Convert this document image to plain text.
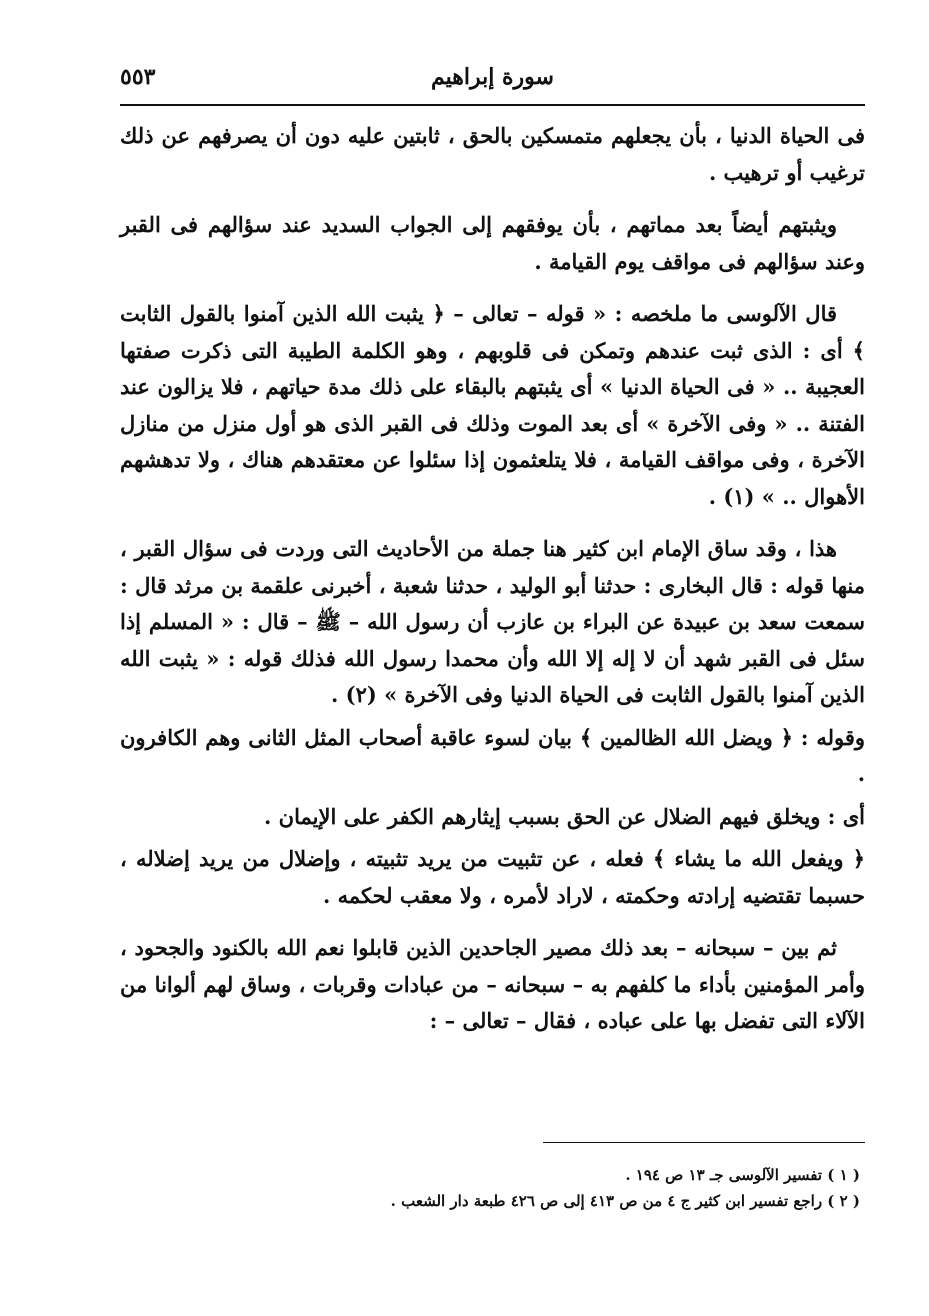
سورة إبراهيم
٥٥٣

فى الحياة الدنيا ، بأن يجعلهم متمسكين بالحق ، ثابتين عليه دون أن يصرفهم عن ذلك ترغيب أو ترهيب .

ويثبتهم أيضاً بعد مماتهم ، بأن يوفقهم إلى الجواب السديد عند سؤالهم فى القبر وعند سؤالهم فى مواقف يوم القيامة .

قال الآلوسى ما ملخصه : « قوله – تعالى – ﴿ يثبت الله الذين آمنوا بالقول الثابت ﴾ أى : الذى ثبت عندهم وتمكن فى قلوبهم ، وهو الكلمة الطيبة التى ذكرت صفتها العجيبة .. « فى الحياة الدنيا » أى يثبتهم بالبقاء على ذلك مدة حياتهم ، فلا يزالون عند الفتنة .. « وفى الآخرة » أى بعد الموت وذلك فى القبر الذى هو أول منزل من منازل الآخرة ، وفى مواقف القيامة ، فلا يتلعثمون إذا سئلوا عن معتقدهم هناك ، ولا تدهشهم الأهوال .. » (١) .

هذا ، وقد ساق الإمام ابن كثير هنا جملة من الأحاديث التى وردت فى سؤال القبر ، منها قوله : قال البخارى : حدثنا أبو الوليد ، حدثنا شعبة ، أخبرنى علقمة بن مرثد قال : سمعت سعد بن عبيدة عن البراء بن عازب أن رسول الله – ﷺ – قال : « المسلم إذا سئل فى القبر شهد أن لا إله إلا الله وأن محمدا رسول الله فذلك قوله : « يثبت الله الذين آمنوا بالقول الثابت فى الحياة الدنيا وفى الآخرة » (٢) .

وقوله : ﴿ ويضل الله الظالمين ﴾ بيان لسوء عاقبة أصحاب المثل الثانى وهم الكافرون .

أى : ويخلق فيهم الضلال عن الحق بسبب إيثارهم الكفر على الإيمان .

﴿ ويفعل الله ما يشاء ﴾ فعله ، عن تثبيت من يريد تثبيته ، وإضلال من يريد إضلاله ، حسبما تقتضيه إرادته وحكمته ، لاراد لأمره ، ولا معقب لحكمه .

ثم بين – سبحانه – بعد ذلك مصير الجاحدين الذين قابلوا نعم الله بالكنود والجحود ، وأمر المؤمنين بأداء ما كلفهم به – سبحانه – من عبادات وقربات ، وساق لهم ألوانا من الآلاء التى تفضل بها على عباده ، فقال – تعالى – :

( ١ ) تفسير الآلوسى جـ ١٣ ص ١٩٤ .
( ٢ ) راجع تفسير ابن كثير ج ٤ من ص ٤١٣ إلى ص ٤٢٦ طبعة دار الشعب .
